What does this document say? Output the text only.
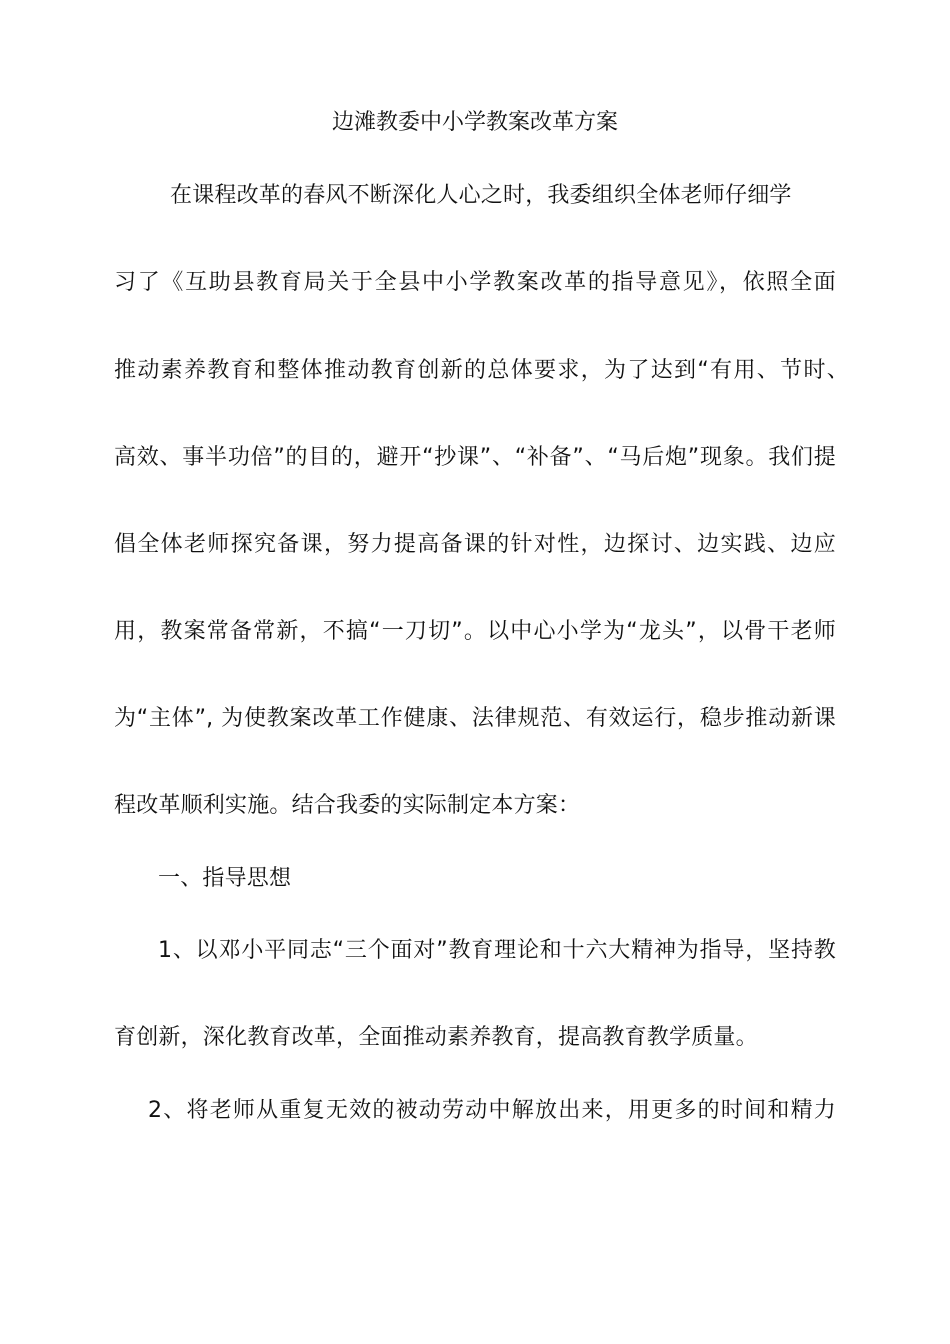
边滩教委中小学教案改革方案
在课程改革的春风不断深化人心之时，我委组织全体老师仔细学
习了《互助县教育局关于全县中小学教案改革的指导意见》，依照全面
推动素养教育和整体推动教育创新的总体要求，为了达到“有用、节时、
高效、事半功倍”的目的，避开“抄课”、“补备”、“马后炮”现象。我们提
倡全体老师探究备课，努力提高备课的针对性，边探讨、边实践、边应
用，教案常备常新，不搞“一刀切”。以中心小学为“龙头”，以骨干老师
为“主体”, 为使教案改革工作健康、法律规范、有效运行，稳步推动新课
程改革顺利实施。结合我委的实际制定本方案：
一、指导思想
1、以邓小平同志“三个面对”教育理论和十六大精神为指导，坚持教
育创新，深化教育改革，全面推动素养教育，提高教育教学质量。
2、将老师从重复无效的被动劳动中解放出来，用更多的时间和精力
